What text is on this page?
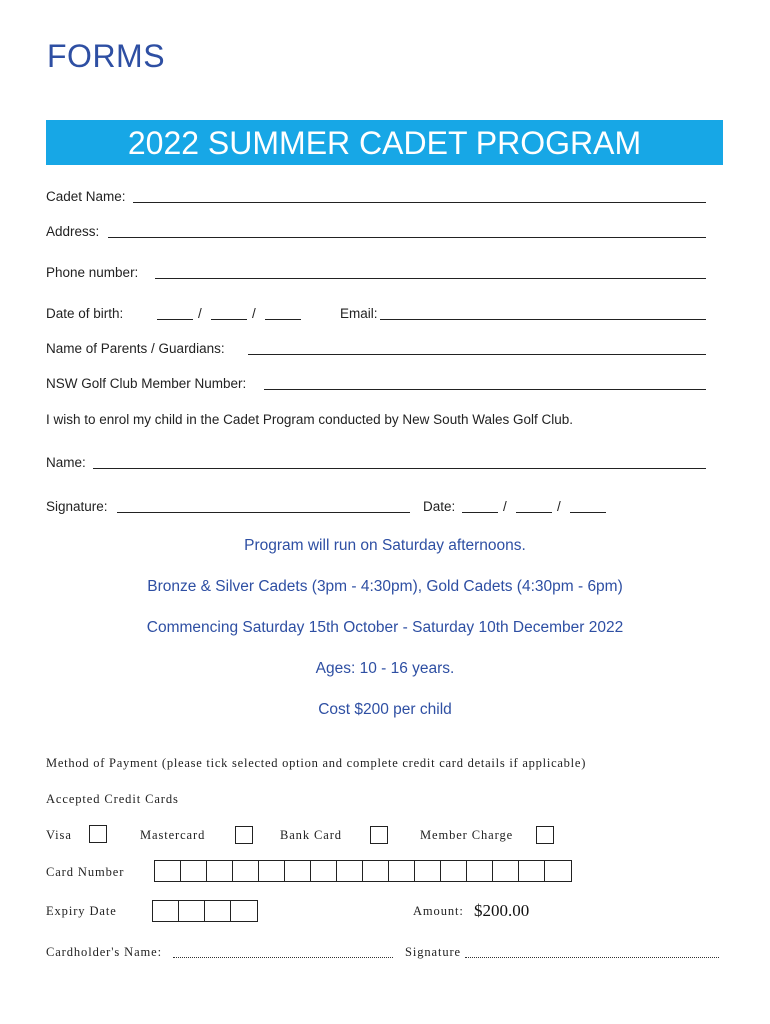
FORMS
2022 SUMMER CADET PROGRAM
Cadet Name:
Address:
Phone number:
Date of birth:	/	/	Email:
Name of Parents / Guardians:
NSW Golf Club Member Number:
I wish to enrol my child in the Cadet Program conducted by New South Wales Golf Club.
Name:
Signature:	Date:	/	/
Program will run on Saturday afternoons.
Bronze & Silver Cadets (3pm - 4:30pm), Gold Cadets (4:30pm - 6pm)
Commencing Saturday 15th October - Saturday 10th December 2022
Ages: 10 - 16 years.
Cost $200 per child
Method of Payment (please tick selected option and complete credit card details if applicable)
Accepted Credit Cards
Visa	Mastercard	Bank Card	Member Charge
Card Number
Expiry Date	Amount: $200.00
Cardholder's Name:	Signature
